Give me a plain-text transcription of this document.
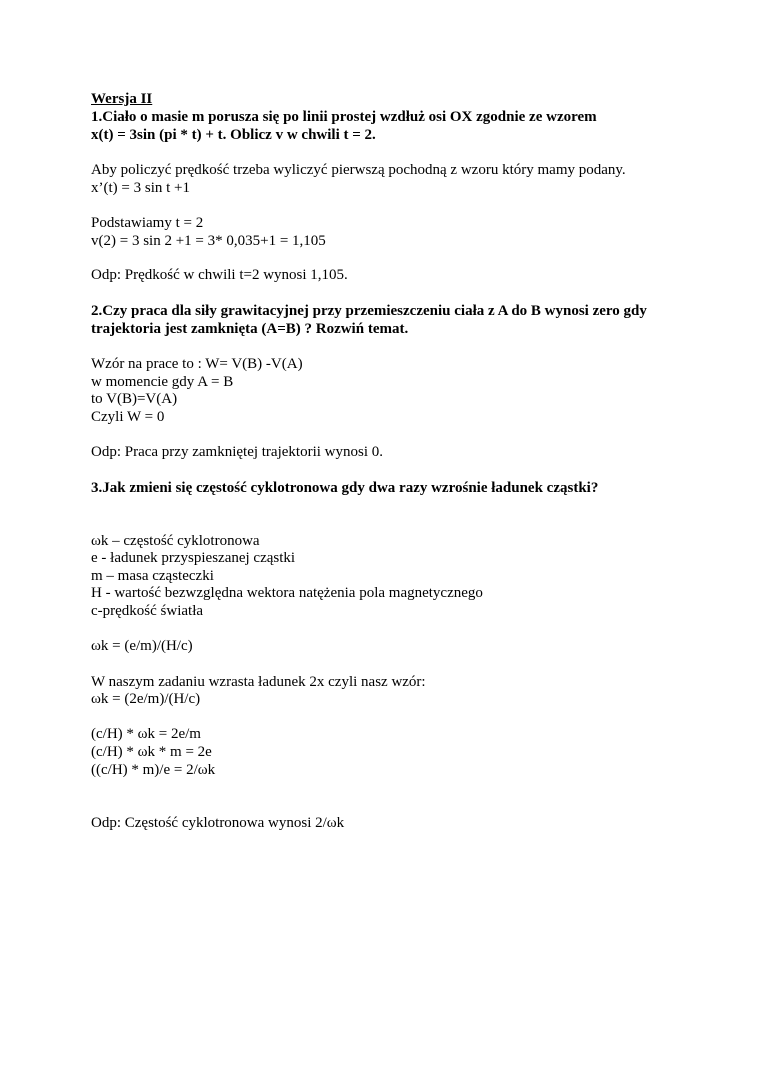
Wersja II
1.Ciało o masie m porusza się po linii prostej wzdłuż osi OX zgodnie ze wzorem
x(t) = 3sin (pi * t) + t. Oblicz v w chwili t = 2.
Aby policzyć prędkość trzeba wyliczyć pierwszą pochodną z wzoru który mamy podany.
x’(t) = 3 sin t +1
Podstawiamy t = 2
v(2) = 3 sin 2 +1 = 3* 0,035+1 = 1,105
Odp: Prędkość w chwili t=2 wynosi 1,105.
2.Czy praca dla siły grawitacyjnej przy przemieszczeniu ciała z A do B wynosi zero gdy
trajektoria jest zamknięta (A=B) ? Rozwiń temat.
Wzór na prace to : W= V(B) -V(A)
w momencie gdy A = B
to V(B)=V(A)
Czyli W = 0
Odp: Praca przy zamkniętej trajektorii wynosi 0.
3.Jak zmieni się częstość cyklotronowa gdy dwa razy wzrośnie ładunek cząstki?
ωk – częstość cyklotronowa
e - ładunek przyspieszanej cząstki
m – masa cząsteczki
H - wartość bezwzględna wektora natężenia pola magnetycznego
c-prędkość światła
ωk = (e/m)/(H/c)
W naszym zadaniu wzrasta ładunek 2x czyli nasz wzór:
ωk = (2e/m)/(H/c)
(c/H) * ωk = 2e/m
(c/H) * ωk * m = 2e
((c/H) * m)/e = 2/ωk
Odp: Częstość cyklotronowa wynosi 2/ωk
